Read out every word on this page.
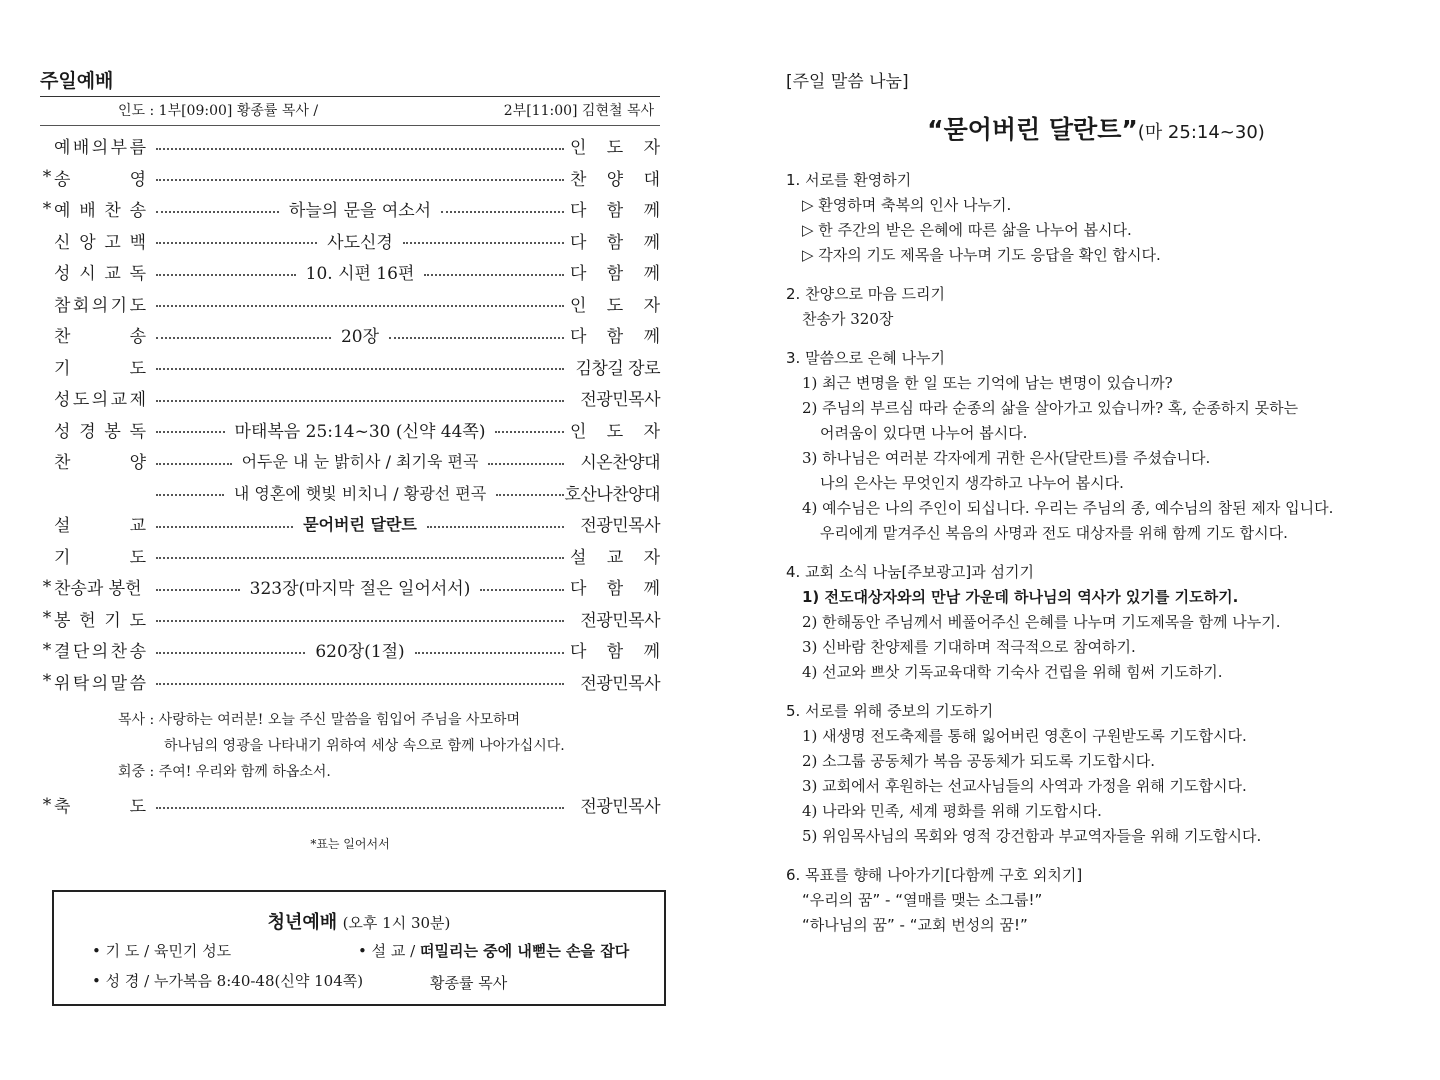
주일예배
인도 : 1부[09:00] 황종률 목사 /	2부[11:00] 김현철 목사
예 배 의 부 름	인 도 자
* 송	영	찬 양 대
* 예 배 찬 송	하늘의 문을 여소서	다 함 께
신 앙 고 백	사도신경	다 함 께
성 시 교 독	10. 시편 16편	다 함 께
참 회 의 기 도	인 도 자
찬	송	20장	다 함 께
기	도	김창길 장로
성 도 의 교 제	전광민목사
성 경 봉 독	마태복음 25:14~30 (신약 44쪽)	인 도 자
찬	양	어두운 내 눈 밝히사 / 최기욱 편곡	시온찬양대
내 영혼에 햇빛 비치니 / 황광선 편곡	호산나찬양대
설	교	묻어버린 달란트	전광민목사
기	도	설 교 자
* 찬송과 봉헌	323장(마지막 절은 일어서서)	다 함 께
* 봉 헌 기 도	전광민목사
* 결 단 의 찬 송	620장(1절)	다 함 께
* 위 탁 의 말 씀	전광민목사
목사 : 사랑하는 여러분! 오늘 주신 말씀을 힘입어 주님을 사모하며
하나님의 영광을 나타내기 위하여 세상 속으로 함께 나아가십시다.
회중 : 주여! 우리와 함께 하옵소서.
* 축	도	전광민목사
*표는 일어서서
청년예배 (오후 1시 30분)
• 기 도 / 육민기 성도	• 설 교 / 떠밀리는 중에 내뻗는 손을 잡다
• 성 경 / 누가복음 8:40-48(신약 104쪽)	황종률 목사
[주일 말씀 나눔]
“묻어버린 달란트”(마 25:14~30)
1. 서로를 환영하기
▷ 환영하며 축복의 인사 나누기.
▷ 한 주간의 받은 은혜에 따른 삶을 나누어 봅시다.
▷ 각자의 기도 제목을 나누며 기도 응답을 확인 합시다.
2. 찬양으로 마음 드리기
찬송가 320장
3. 말씀으로 은혜 나누기
1) 최근 변명을 한 일 또는 기억에 남는 변명이 있습니까?
2) 주님의 부르심 따라 순종의 삶을 살아가고 있습니까? 혹, 순종하지 못하는
어려움이 있다면 나누어 봅시다.
3) 하나님은 여러분 각자에게 귀한 은사(달란트)를 주셨습니다.
나의 은사는 무엇인지 생각하고 나누어 봅시다.
4) 예수님은 나의 주인이 되십니다. 우리는 주님의 종, 예수님의 참된 제자 입니다.
우리에게 맡겨주신 복음의 사명과 전도 대상자를 위해 함께 기도 합시다.
4. 교회 소식 나눔[주보광고]과 섬기기
1) 전도대상자와의 만남 가운데 하나님의 역사가 있기를 기도하기.
2) 한해동안 주님께서 베풀어주신 은혜를 나누며 기도제목을 함께 나누기.
3) 신바람 찬양제를 기대하며 적극적으로 참여하기.
4) 선교와 쁘삿 기독교육대학 기숙사 건립을 위해 힘써 기도하기.
5. 서로를 위해 중보의 기도하기
1) 새생명 전도축제를 통해 잃어버린 영혼이 구원받도록 기도합시다.
2) 소그룹 공동체가 복음 공동체가 되도록 기도합시다.
3) 교회에서 후원하는 선교사님들의 사역과 가정을 위해 기도합시다.
4) 나라와 민족, 세계 평화를 위해 기도합시다.
5) 위임목사님의 목회와 영적 강건함과 부교역자들을 위해 기도합시다.
6. 목표를 향해 나아가기[다함께 구호 외치기]
“우리의 꿈” - “열매를 맺는 소그룹!”
“하나님의 꿈” - “교회 번성의 꿈!”
